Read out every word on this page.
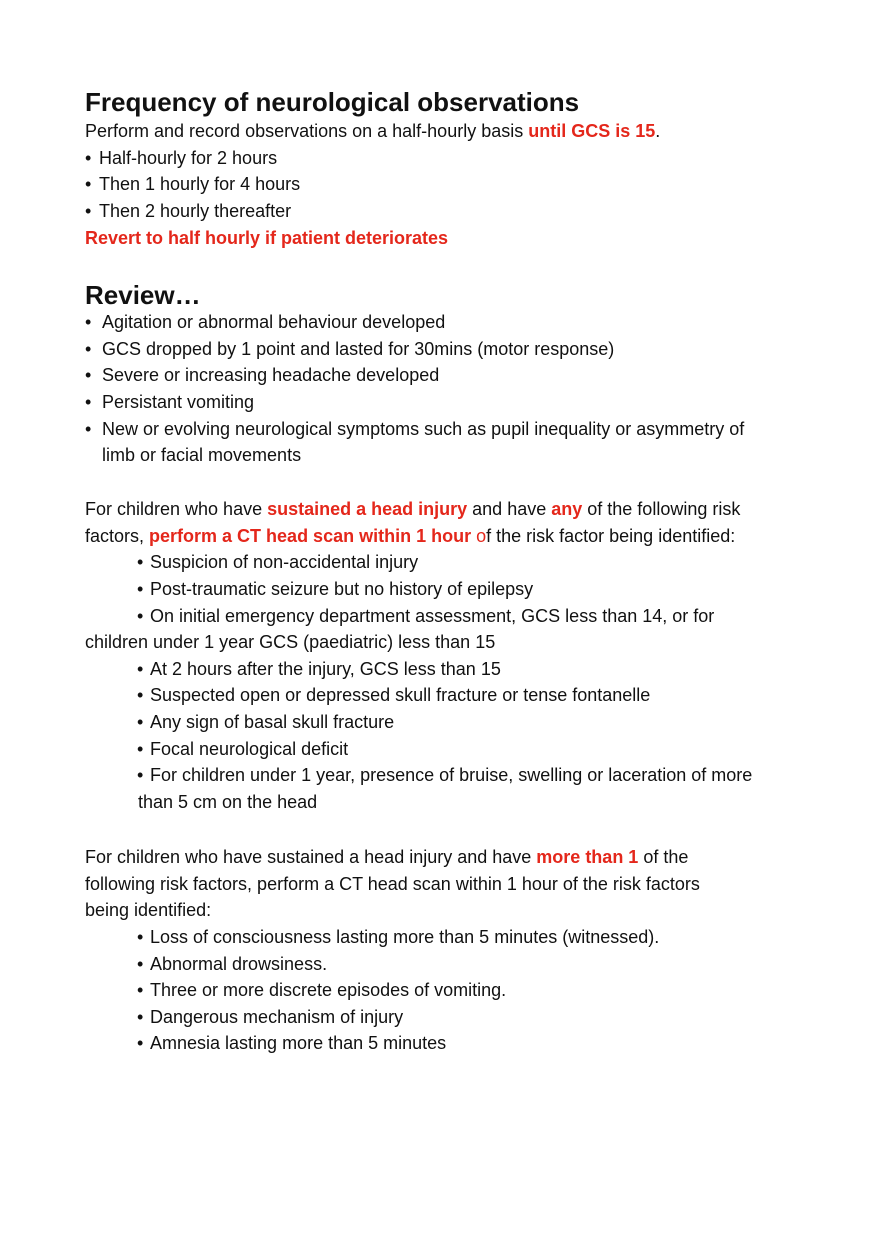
Frequency of neurological observations
Perform and record observations on a half-hourly basis until GCS is 15.
• Half-hourly for 2 hours
• Then 1 hourly for 4 hours
• Then 2 hourly thereafter
Revert to half hourly if patient deteriorates
Review…
• Agitation or abnormal behaviour developed
• GCS dropped by 1 point and lasted for 30mins (motor response)
• Severe or increasing headache developed
• Persistant vomiting
• New or evolving neurological symptoms such as pupil inequality or asymmetry of
limb or facial movements
For children who have sustained a head injury and have any of the following risk
factors, perform a CT head scan within 1 hour of the risk factor being identified:
• Suspicion of non-accidental injury
• Post-traumatic seizure but no history of epilepsy
• On initial emergency department assessment, GCS less than 14, or for
children under 1 year GCS (paediatric) less than 15
• At 2 hours after the injury, GCS less than 15
• Suspected open or depressed skull fracture or tense fontanelle
• Any sign of basal skull fracture
• Focal neurological deficit
• For children under 1 year, presence of bruise, swelling or laceration of more
than 5 cm on the head
For children who have sustained a head injury and have more than 1 of the
following risk factors, perform a CT head scan within 1 hour of the risk factors
being identified:
• Loss of consciousness lasting more than 5 minutes (witnessed).
• Abnormal drowsiness.
• Three or more discrete episodes of vomiting.
• Dangerous mechanism of injury
• Amnesia lasting more than 5 minutes
